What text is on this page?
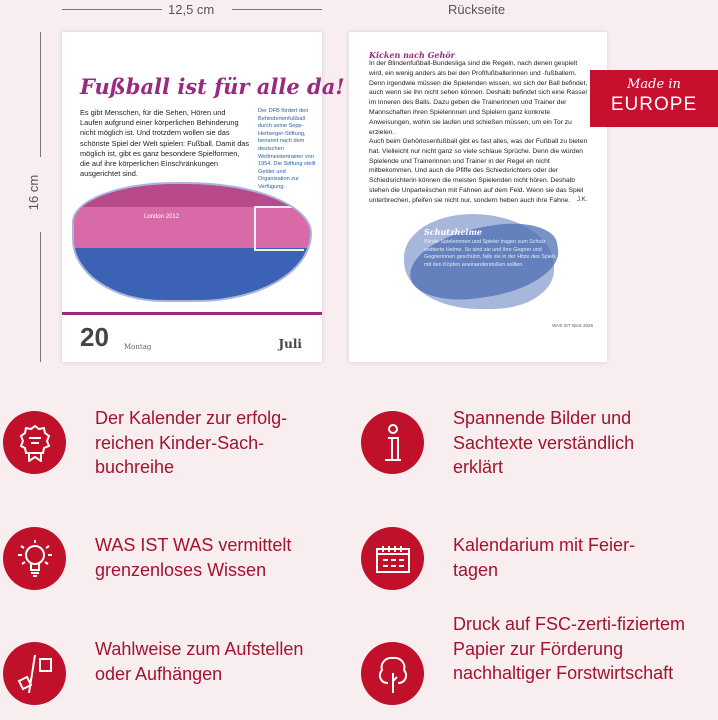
12,5 cm	Rückseite
16 cm
Fußball ist für alle da!
Es gibt Menschen, für die Sehen, Hören und Laufen aufgrund einer körperlichen Behinderung nicht möglich ist. Und trotzdem wollen sie das schönste Spiel der Welt spielen: Fußball. Damit das möglich ist, gibt es ganz besondere Spielformen, die auf ihre körperlichen Einschränkungen ausgerichtet sind.
Der DFB fördert den Behindertenfußball durch seine Sepp-Herberger-Stiftung, benannt nach dem deutschen Weltmeistertrainer von 1954. Die Stiftung stellt Gelder und Organisation zur Verfügung.
London 2012
20 Montag	Juli
Kicken nach Gehör
In der Blindenfußball-Bundesliga sind die Regeln, nach denen gespielt wird, ein wenig anders als bei den Profifußballerinnen und -fußballern. Denn irgendwie müssen die Spielenden wissen, wo sich der Ball befindet, auch wenn sie ihn nicht sehen können. Deshalb befindet sich eine Rassel im Inneren des Balls. Dazu geben die Trainerinnen und Trainer der Mannschaften ihren Spielerinnen und Spielern ganz konkrete Anweisungen, wohin sie laufen und schießen müssen, um ein Tor zu erzielen.
Auch beim Gehörlosenfußball gibt es fast alles, was der Fußball zu bieten hat. Vielleicht nur nicht ganz so viele schlaue Sprüche. Denn die würden Spielende und Trainerinnen und Trainer in der Regel eh nicht mitbekommen. Und auch die Pfiffe des Schiedsrichters oder der Schiedsrichterin können die meisten Spielenden nicht hören. Deshalb stehen die Unparteiischen mit Fahnen auf dem Feld. Wenn sie das Spiel unterbrechen, pfeifen sie nicht nur, sondern heben auch ihre Fahne.	J.K.
Schutzhelme
Blinde Spielerinnen und Spieler tragen zum Schutz wattierte Helme. So sind sie und ihre Gegner und Gegnerinnen geschützt, falls sie in der Hitze des Spiels mit den Köpfen aneinanderstoßen sollten.
WAS IST WAS 2026
Made in
EUROPE
Der Kalender zur erfolg-reichen Kinder-Sach-buchreihe
Spannende Bilder und Sachtexte verständlich erklärt
WAS IST WAS vermittelt grenzenloses Wissen
Kalendarium mit Feier-tagen
Wahlweise zum Aufstellen oder Aufhängen
Druck auf FSC-zerti-fiziertem Papier zur Förderung nachhaltiger Forstwirtschaft
